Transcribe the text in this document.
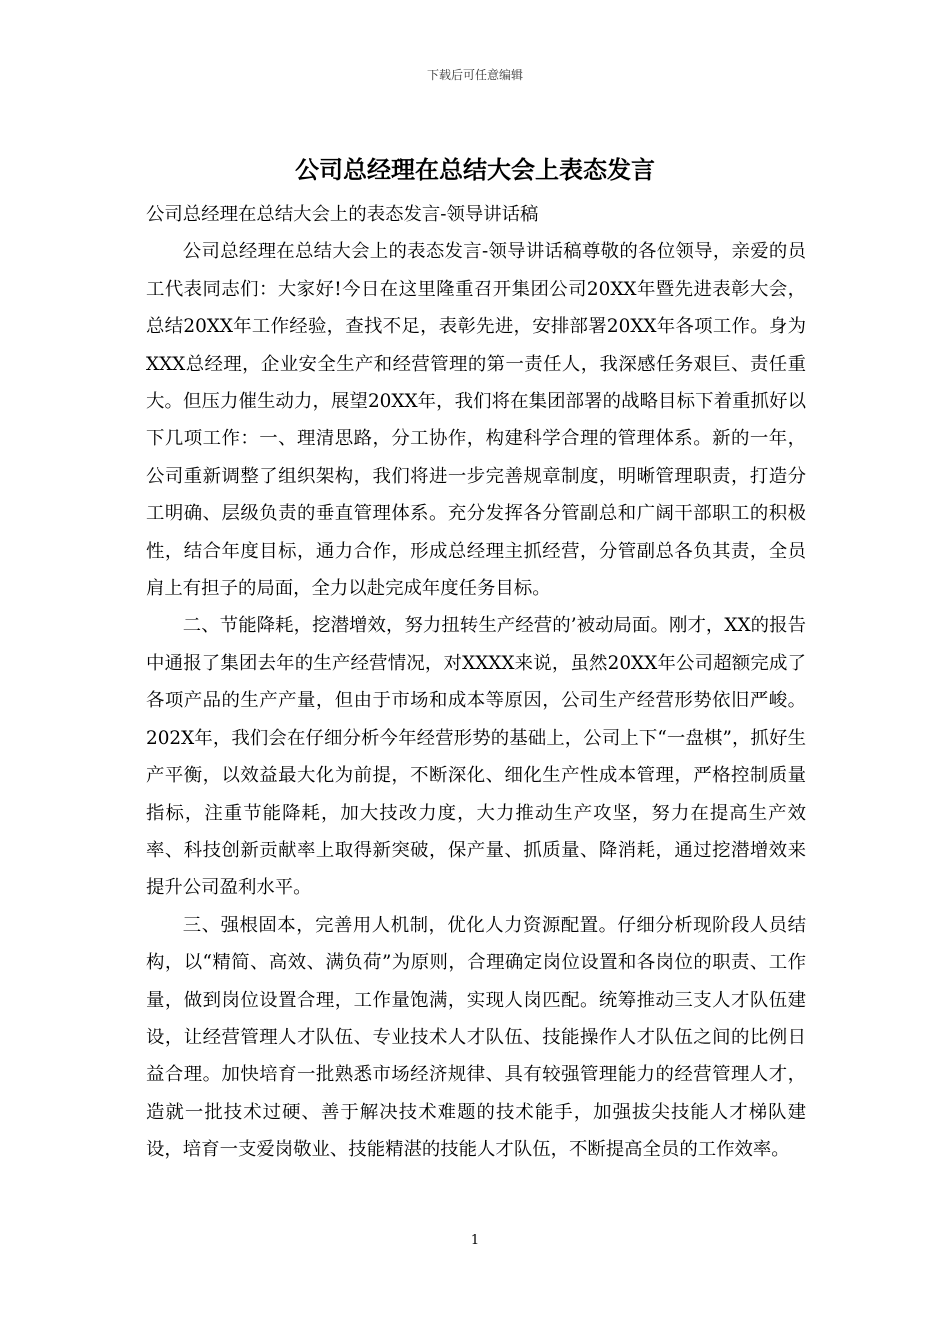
下载后可任意编辑
公司总经理在总结大会上表态发言

公司总经理在总结大会上的表态发言-领导讲话稿

公司总经理在总结大会上的表态发言-领导讲话稿尊敬的各位领导，亲爱的员工代表同志们：大家好!今日在这里隆重召开集团公司20XX年暨先进表彰大会，总结20XX年工作经验，查找不足，表彰先进，安排部署20XX年各项工作。身为XXX总经理，企业安全生产和经营管理的第一责任人，我深感任务艰巨、责任重大。但压力催生动力，展望20XX年，我们将在集团部署的战略目标下着重抓好以下几项工作：一、理清思路，分工协作，构建科学合理的管理体系。新的一年，公司重新调整了组织架构，我们将进一步完善规章制度，明晰管理职责，打造分工明确、层级负责的垂直管理体系。充分发挥各分管副总和广阔干部职工的积极性，结合年度目标，通力合作，形成总经理主抓经营，分管副总各负其责，全员肩上有担子的局面，全力以赴完成年度任务目标。

二、节能降耗，挖潜增效，努力扭转生产经营的’被动局面。刚才，XX的报告中通报了集团去年的生产经营情况，对XXXX来说，虽然20XX年公司超额完成了各项产品的生产产量，但由于市场和成本等原因，公司生产经营形势依旧严峻。202X年，我们会在仔细分析今年经营形势的基础上，公司上下“一盘棋”，抓好生产平衡，以效益最大化为前提，不断深化、细化生产性成本管理，严格控制质量指标，注重节能降耗，加大技改力度，大力推动生产攻坚，努力在提高生产效率、科技创新贡献率上取得新突破，保产量、抓质量、降消耗，通过挖潜增效来提升公司盈利水平。

三、强根固本，完善用人机制，优化人力资源配置。仔细分析现阶段人员结构，以“精简、高效、满负荷”为原则，合理确定岗位设置和各岗位的职责、工作量，做到岗位设置合理，工作量饱满，实现人岗匹配。统筹推动三支人才队伍建设，让经营管理人才队伍、专业技术人才队伍、技能操作人才队伍之间的比例日益合理。加快培育一批熟悉市场经济规律、具有较强管理能力的经营管理人才，造就一批技术过硬、善于解决技术难题的技术能手，加强拔尖技能人才梯队建设，培育一支爱岗敬业、技能精湛的技能人才队伍，不断提高全员的工作效率。

1
